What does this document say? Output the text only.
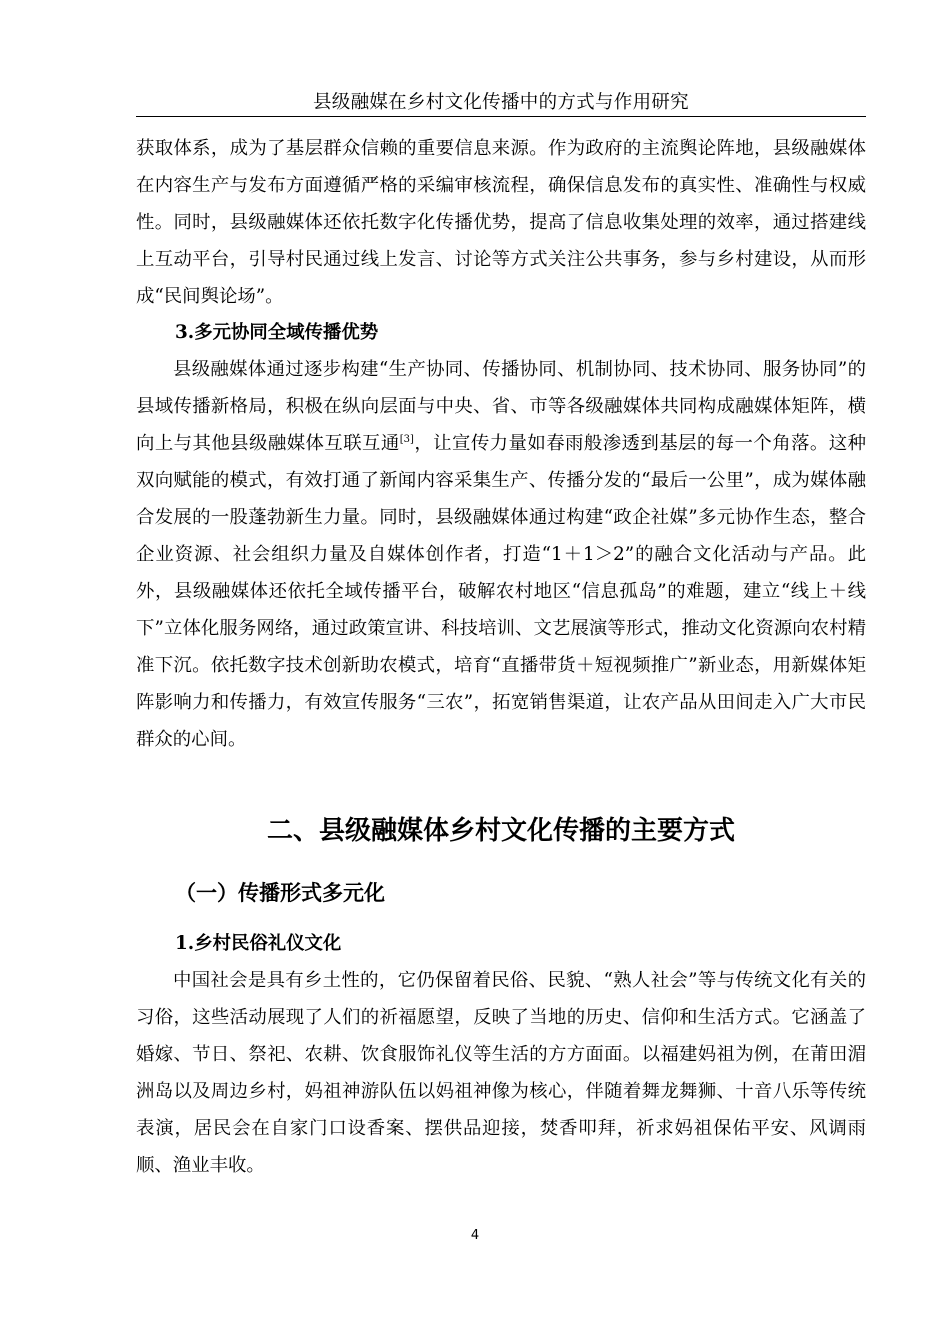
县级融媒在乡村文化传播中的方式与作用研究

获取体系，成为了基层群众信赖的重要信息来源。作为政府的主流舆论阵地，县级融媒体在内容生产与发布方面遵循严格的采编审核流程，确保信息发布的真实性、准确性与权威性。同时，县级融媒体还依托数字化传播优势，提高了信息收集处理的效率，通过搭建线上互动平台，引导村民通过线上发言、讨论等方式关注公共事务，参与乡村建设，从而形成“民间舆论场”。

3.多元协同全域传播优势

县级融媒体通过逐步构建“生产协同、传播协同、机制协同、技术协同、服务协同”的县域传播新格局，积极在纵向层面与中央、省、市等各级融媒体共同构成融媒体矩阵，横向上与其他县级融媒体互联互通[3]，让宣传力量如春雨般渗透到基层的每一个角落。这种双向赋能的模式，有效打通了新闻内容采集生产、传播分发的“最后一公里”，成为媒体融合发展的一股蓬勃新生力量。同时，县级融媒体通过构建“政企社媒”多元协作生态，整合企业资源、社会组织力量及自媒体创作者，打造“1＋1＞2”的融合文化活动与产品。此外，县级融媒体还依托全域传播平台，破解农村地区“信息孤岛”的难题，建立“线上＋线下”立体化服务网络，通过政策宣讲、科技培训、文艺展演等形式，推动文化资源向农村精准下沉。依托数字技术创新助农模式，培育“直播带货＋短视频推广”新业态，用新媒体矩阵影响力和传播力，有效宣传服务“三农”，拓宽销售渠道，让农产品从田间走入广大市民群众的心间。

二、县级融媒体乡村文化传播的主要方式
（一）传播形式多元化

1.乡村民俗礼仪文化

中国社会是具有乡土性的，它仍保留着民俗、民貌、“熟人社会”等与传统文化有关的习俗，这些活动展现了人们的祈福愿望，反映了当地的历史、信仰和生活方式。它涵盖了婚嫁、节日、祭祀、农耕、饮食服饰礼仪等生活的方方面面。以福建妈祖为例，在莆田湄洲岛以及周边乡村，妈祖神游队伍以妈祖神像为核心，伴随着舞龙舞狮、十音八乐等传统表演，居民会在自家门口设香案、摆供品迎接，焚香叩拜，祈求妈祖保佑平安、风调雨顺、渔业丰收。

4
